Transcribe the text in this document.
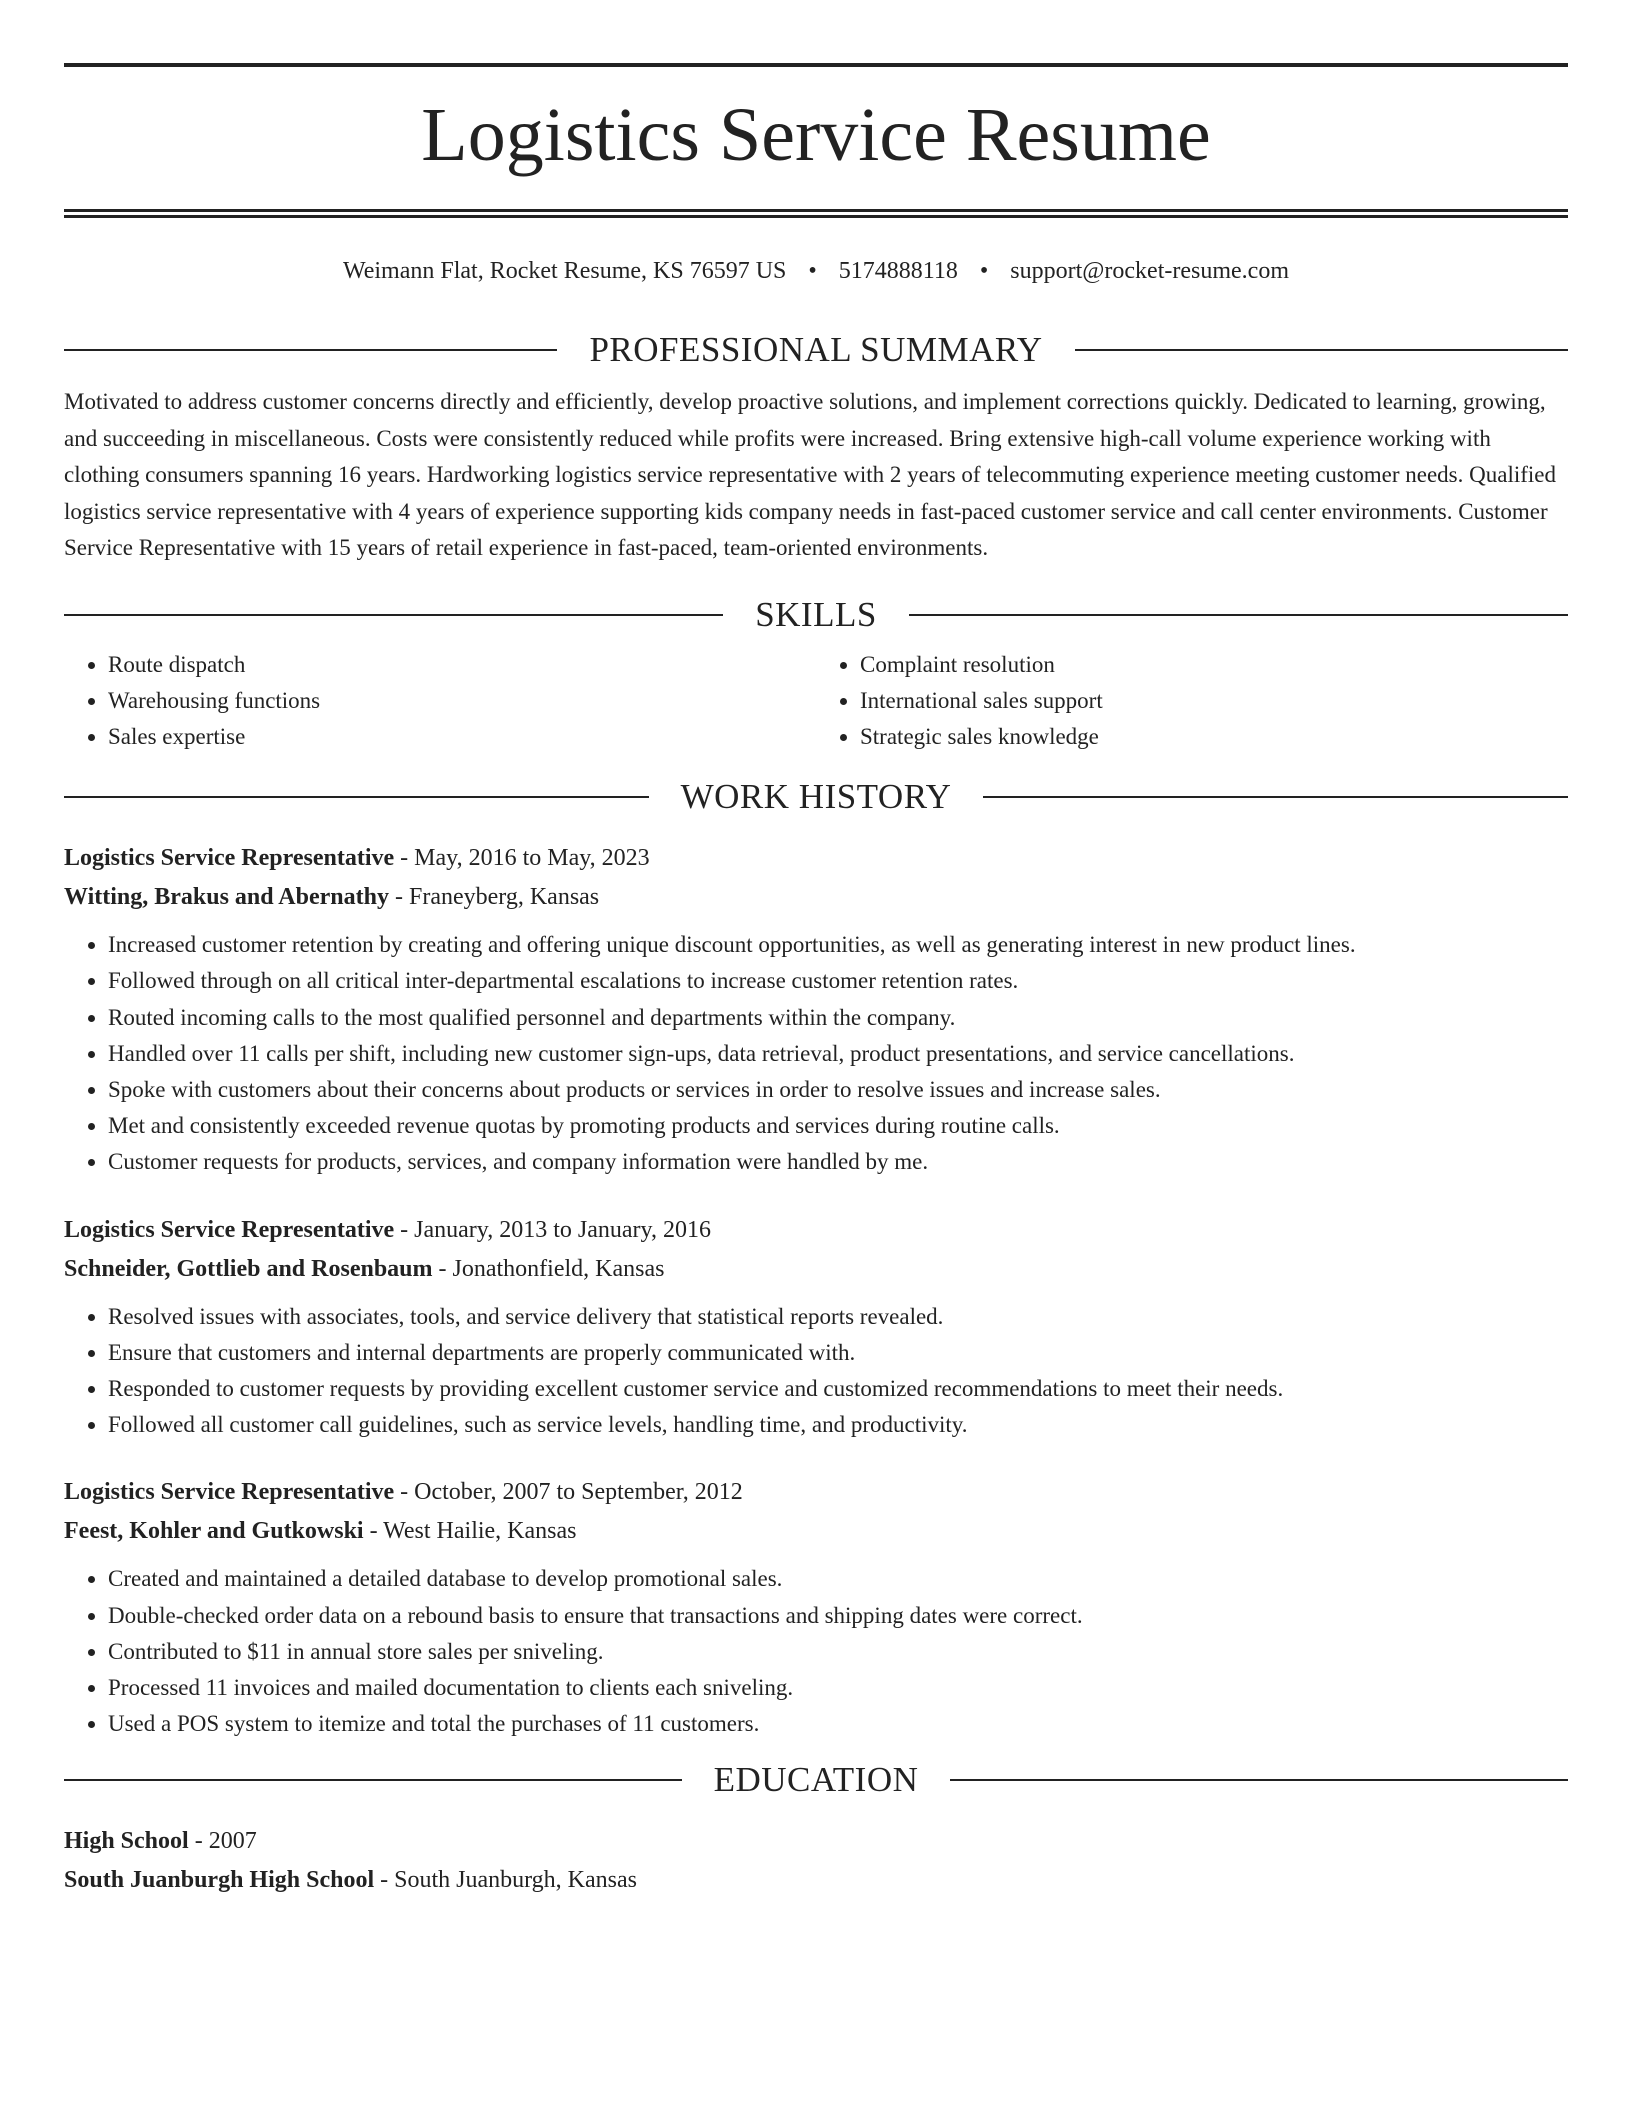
Logistics Service Resume
Weimann Flat, Rocket Resume, KS 76597 US • 5174888118 • support@rocket-resume.com
PROFESSIONAL SUMMARY
Motivated to address customer concerns directly and efficiently, develop proactive solutions, and implement corrections quickly. Dedicated to learning, growing, and succeeding in miscellaneous. Costs were consistently reduced while profits were increased. Bring extensive high-call volume experience working with clothing consumers spanning 16 years. Hardworking logistics service representative with 2 years of telecommuting experience meeting customer needs. Qualified logistics service representative with 4 years of experience supporting kids company needs in fast-paced customer service and call center environments. Customer Service Representative with 15 years of retail experience in fast-paced, team-oriented environments.
SKILLS
• Route dispatch
• Warehousing functions
• Sales expertise
• Complaint resolution
• International sales support
• Strategic sales knowledge
WORK HISTORY
Logistics Service Representative - May, 2016 to May, 2023
Witting, Brakus and Abernathy - Franeyberg, Kansas
• Increased customer retention by creating and offering unique discount opportunities, as well as generating interest in new product lines.
• Followed through on all critical inter-departmental escalations to increase customer retention rates.
• Routed incoming calls to the most qualified personnel and departments within the company.
• Handled over 11 calls per shift, including new customer sign-ups, data retrieval, product presentations, and service cancellations.
• Spoke with customers about their concerns about products or services in order to resolve issues and increase sales.
• Met and consistently exceeded revenue quotas by promoting products and services during routine calls.
• Customer requests for products, services, and company information were handled by me.
Logistics Service Representative - January, 2013 to January, 2016
Schneider, Gottlieb and Rosenbaum - Jonathonfield, Kansas
• Resolved issues with associates, tools, and service delivery that statistical reports revealed.
• Ensure that customers and internal departments are properly communicated with.
• Responded to customer requests by providing excellent customer service and customized recommendations to meet their needs.
• Followed all customer call guidelines, such as service levels, handling time, and productivity.
Logistics Service Representative - October, 2007 to September, 2012
Feest, Kohler and Gutkowski - West Hailie, Kansas
• Created and maintained a detailed database to develop promotional sales.
• Double-checked order data on a rebound basis to ensure that transactions and shipping dates were correct.
• Contributed to $11 in annual store sales per sniveling.
• Processed 11 invoices and mailed documentation to clients each sniveling.
• Used a POS system to itemize and total the purchases of 11 customers.
EDUCATION
High School - 2007
South Juanburgh High School - South Juanburgh, Kansas
